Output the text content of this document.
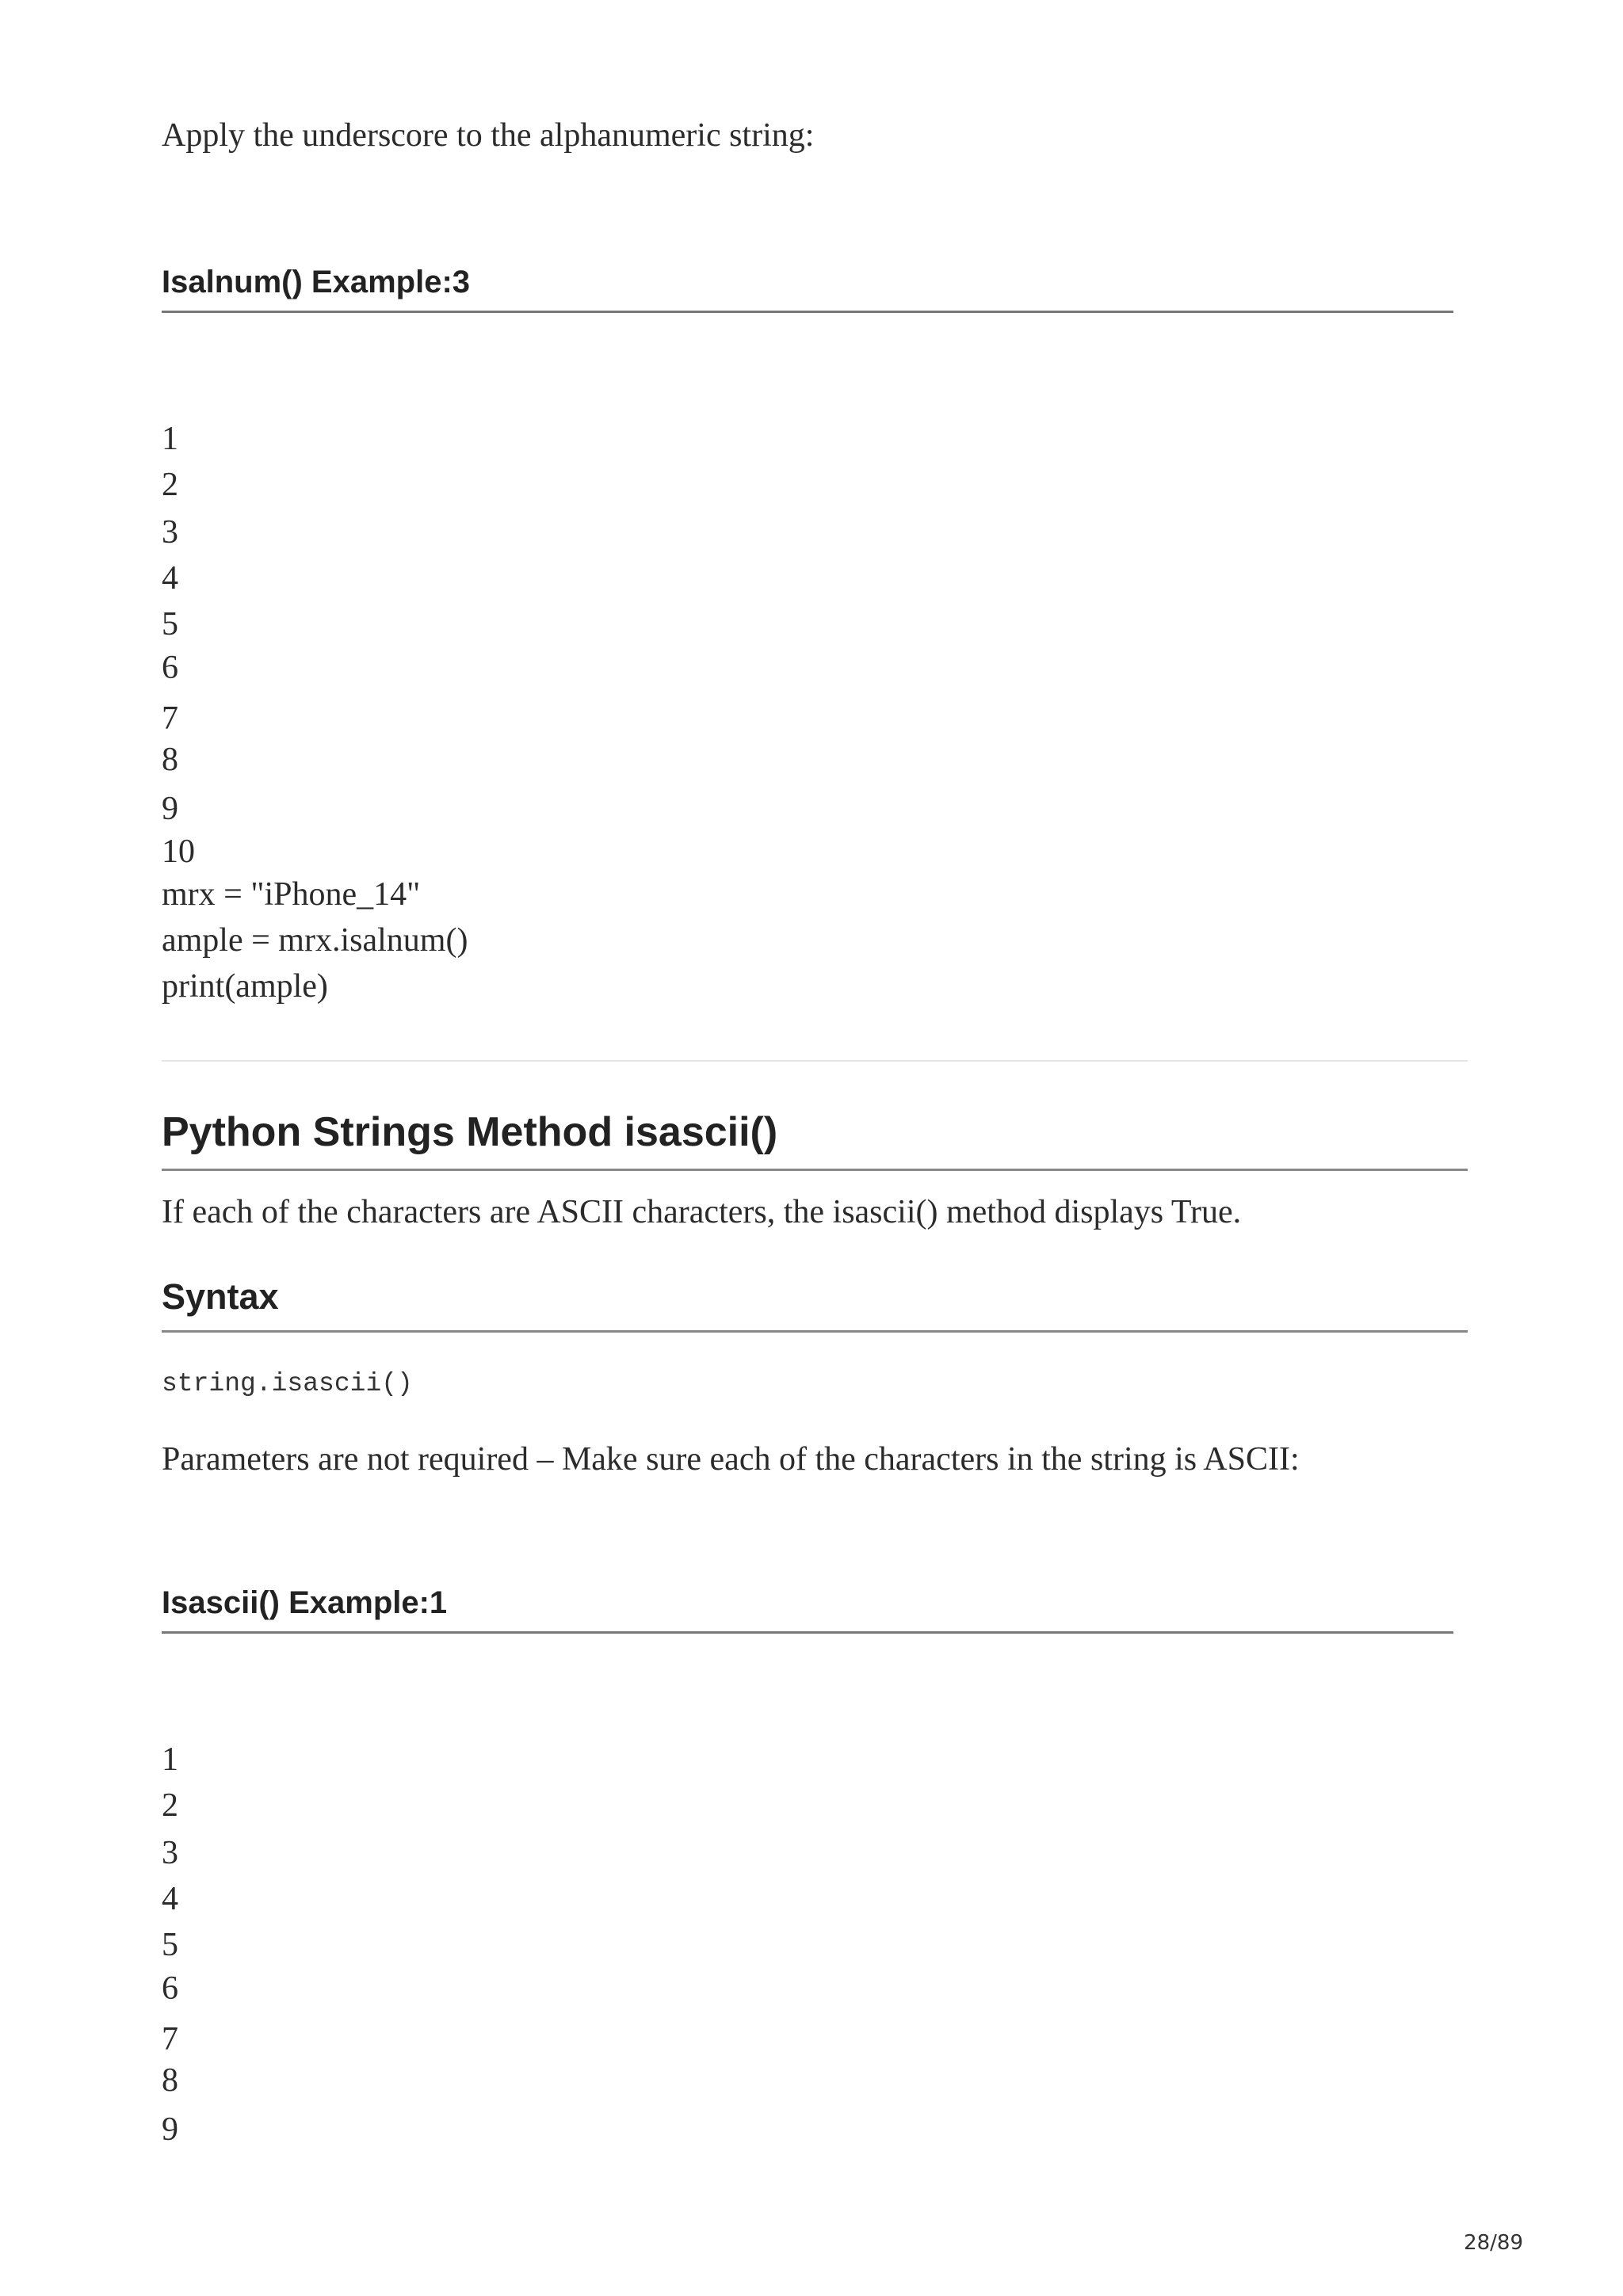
Apply the underscore to the alphanumeric string:

Isalnum() Example:3
1
2
3
4
5
6
7
8
9
10
mrx = "iPhone_14"
ample = mrx.isalnum()
print(ample)
Python Strings Method isascii()

If each of the characters are ASCII characters, the isascii() method displays True.

Syntax
string.isascii()

Parameters are not required – Make sure each of the characters in the string is ASCII:

Isascii() Example:1
1
2
3
4
5
6
7
8
9
28/89
